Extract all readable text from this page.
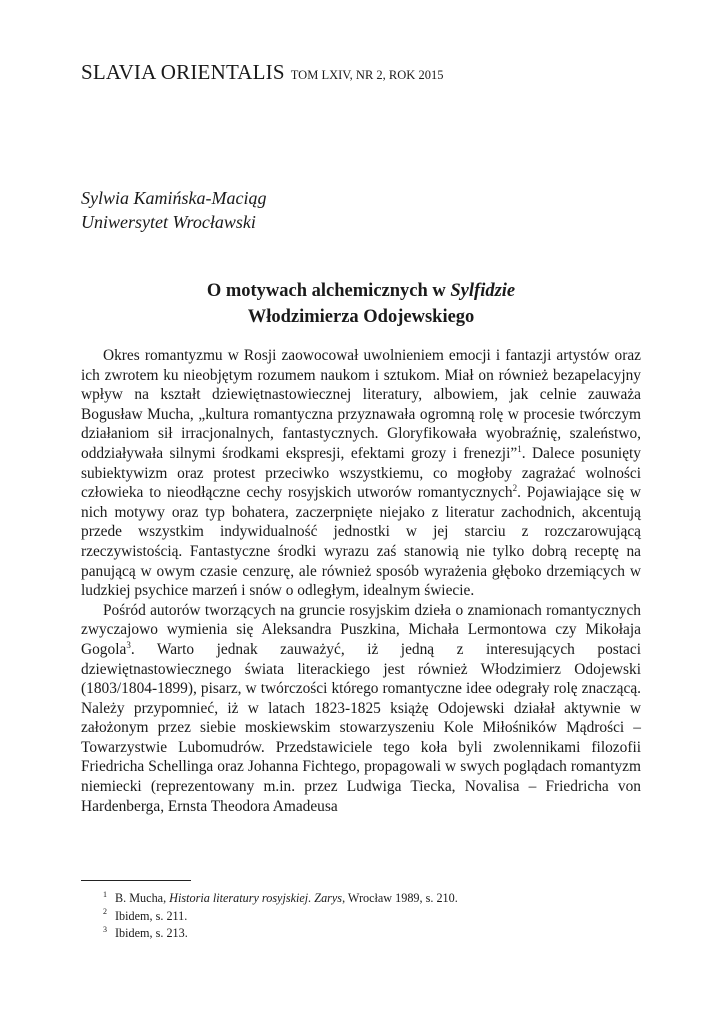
SLAVIA ORIENTALIS TOM LXIV, NR 2, ROK 2015
Sylwia Kamińska-Maciąg
Uniwersytet Wrocławski
O motywach alchemicznych w Sylfidzie
Włodzimierza Odojewskiego

Okres romantyzmu w Rosji zaowocował uwolnieniem emocji i fantazji artystów oraz ich zwrotem ku nieobjętym rozumem naukom i sztukom. Miał on również bezapelacyjny wpływ na kształt dziewiętnastowiecznej literatury, albowiem, jak celnie zauważa Bogusław Mucha, „kultura romantyczna przyznawała ogromną rolę w procesie twórczym działaniom sił irracjonalnych, fantastycznych. Gloryfikowała wyobraźnię, szaleństwo, oddziaływała silnymi środkami ekspresji, efektami grozy i frenezji”$^1$. Dalece posunięty subiektywizm oraz protest przeciwko wszystkiemu, co mogłoby zagrażać wolności człowieka to nieodłączne cechy rosyjskich utworów romantycznych$^2$. Pojawiające się w nich motywy oraz typ bohatera, zaczerpnięte niejako z literatur zachodnich, akcentują przede wszystkim indywidualność jednostki w jej starciu z rozczarowującą rzeczywistością. Fantastyczne środki wyrazu zaś stanowią nie tylko dobrą receptę na panującą w owym czasie cenzurę, ale również sposób wyrażenia głęboko drzemiących w ludzkiej psychice marzeń i snów o odległym, idealnym świecie.

Pośród autorów tworzących na gruncie rosyjskim dzieła o znamionach romantycznych zwyczajowo wymienia się Aleksandra Puszkina, Michała Lermontowa czy Mikołaja Gogola$^3$. Warto jednak zauważyć, iż jedną z interesujących postaci dziewiętnastowiecznego świata literackiego jest również Włodzimierz Odojewski (1803/1804-1899), pisarz, w twórczości którego romantyczne idee odegrały rolę znaczącą. Należy przypomnieć, iż w latach 1823-1825 książę Odojewski działał aktywnie w założonym przez siebie moskiewskim stowarzyszeniu Kole Miłośników Mądrości – Towarzystwie Lubomudrów. Przedstawiciele tego koła byli zwolennikami filozofii Friedricha Schellinga oraz Johanna Fichtego, propagowali w swych poglądach romantyzm niemiecki (reprezentowany m.in. przez Ludwiga Tiecka, Novalisa – Friedricha von Hardenberga, Ernsta Theodora Amadeusa

$^1$ B. Mucha, Historia literatury rosyjskiej. Zarys, Wrocław 1989, s. 210.
$^2$ Ibidem, s. 211.
$^3$ Ibidem, s. 213.
